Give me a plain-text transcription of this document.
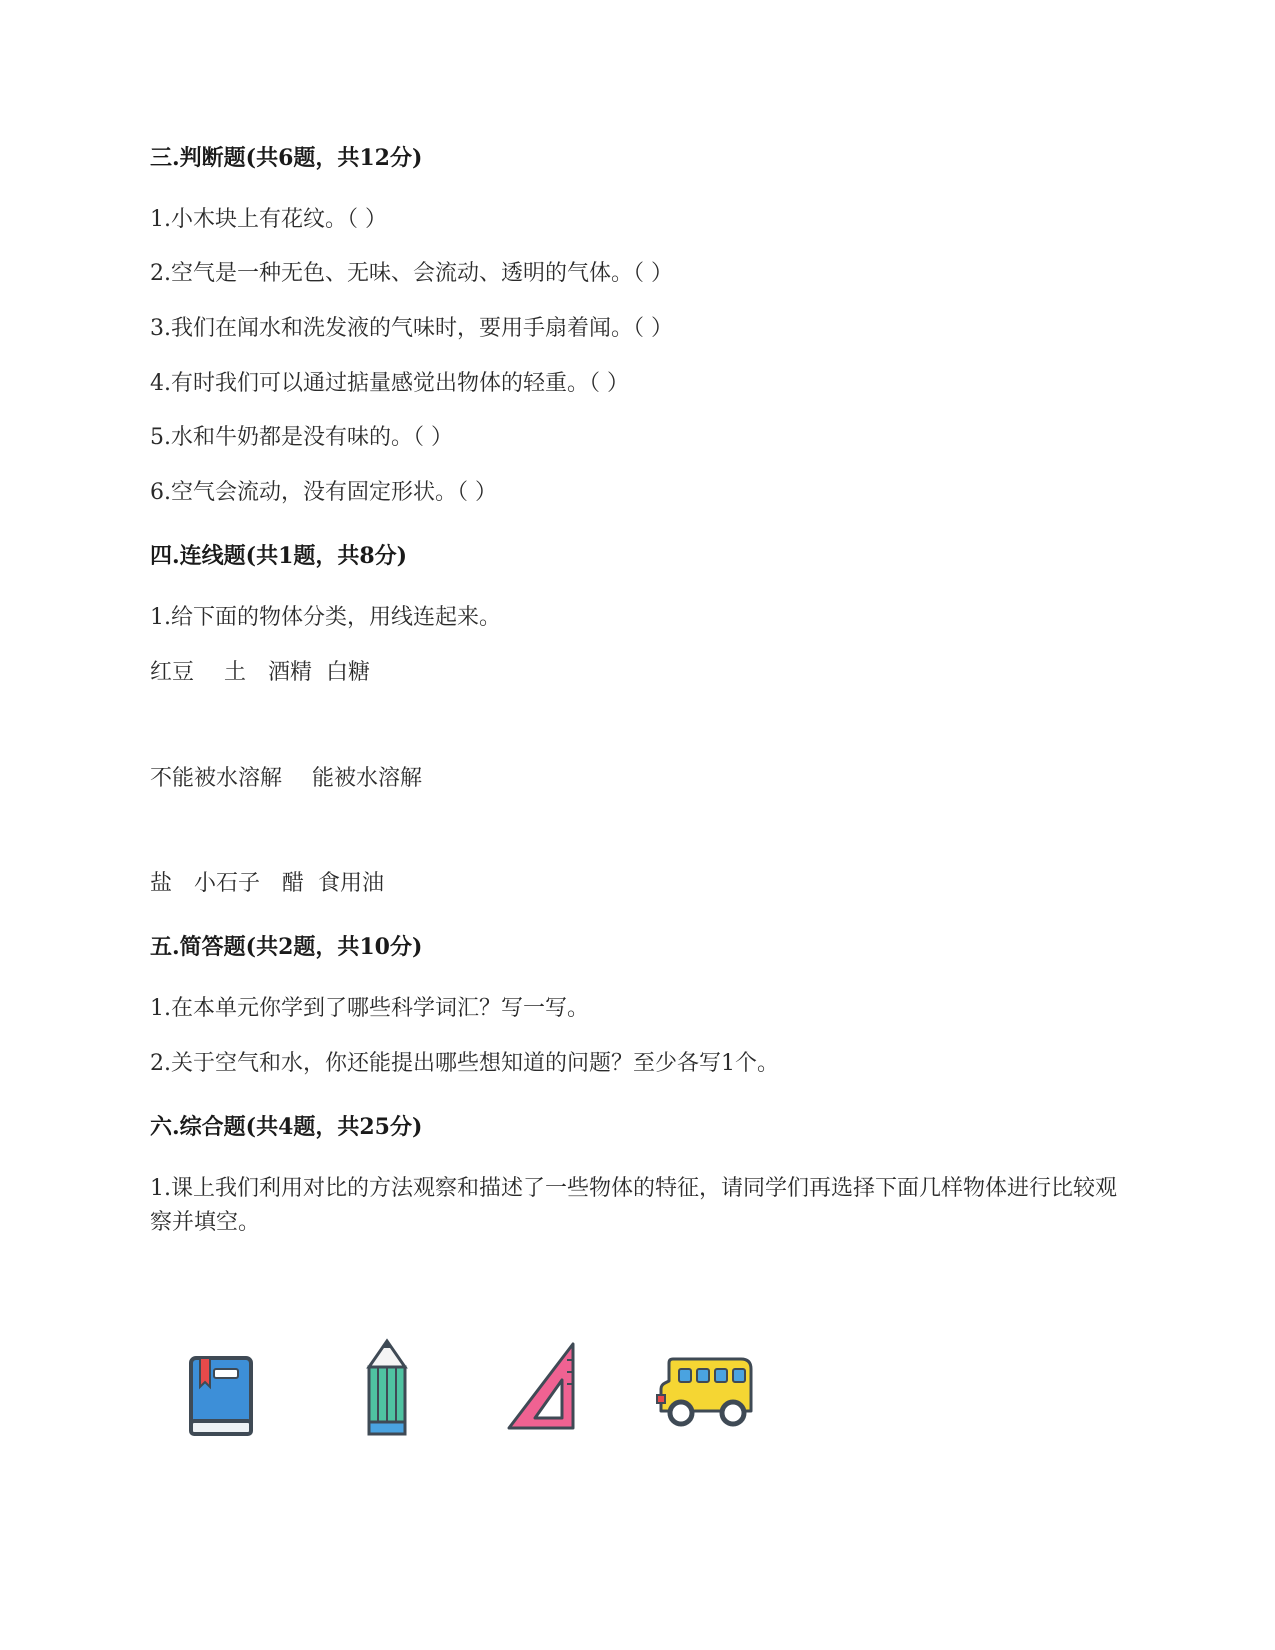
三.判断题(共6题，共12分)
1.小木块上有花纹。（ ）
2.空气是一种无色、无味、会流动、透明的气体。（ ）
3.我们在闻水和洗发液的气味时，要用手扇着闻。（ ）
4.有时我们可以通过掂量感觉出物体的轻重。（ ）
5.水和牛奶都是没有味的。（ ）
6.空气会流动，没有固定形状。（ ）
四.连线题(共1题，共8分)
1.给下面的物体分类，用线连起来。
红豆 土 酒精 白糖
不能被水溶解 能被水溶解
盐 小石子 醋 食用油
五.简答题(共2题，共10分)
1.在本单元你学到了哪些科学词汇？写一写。
2.关于空气和水，你还能提出哪些想知道的问题？至少各写1个。
六.综合题(共4题，共25分)
1.课上我们利用对比的方法观察和描述了一些物体的特征，请同学们再选择下面几样物体进行比较观察并填空。
